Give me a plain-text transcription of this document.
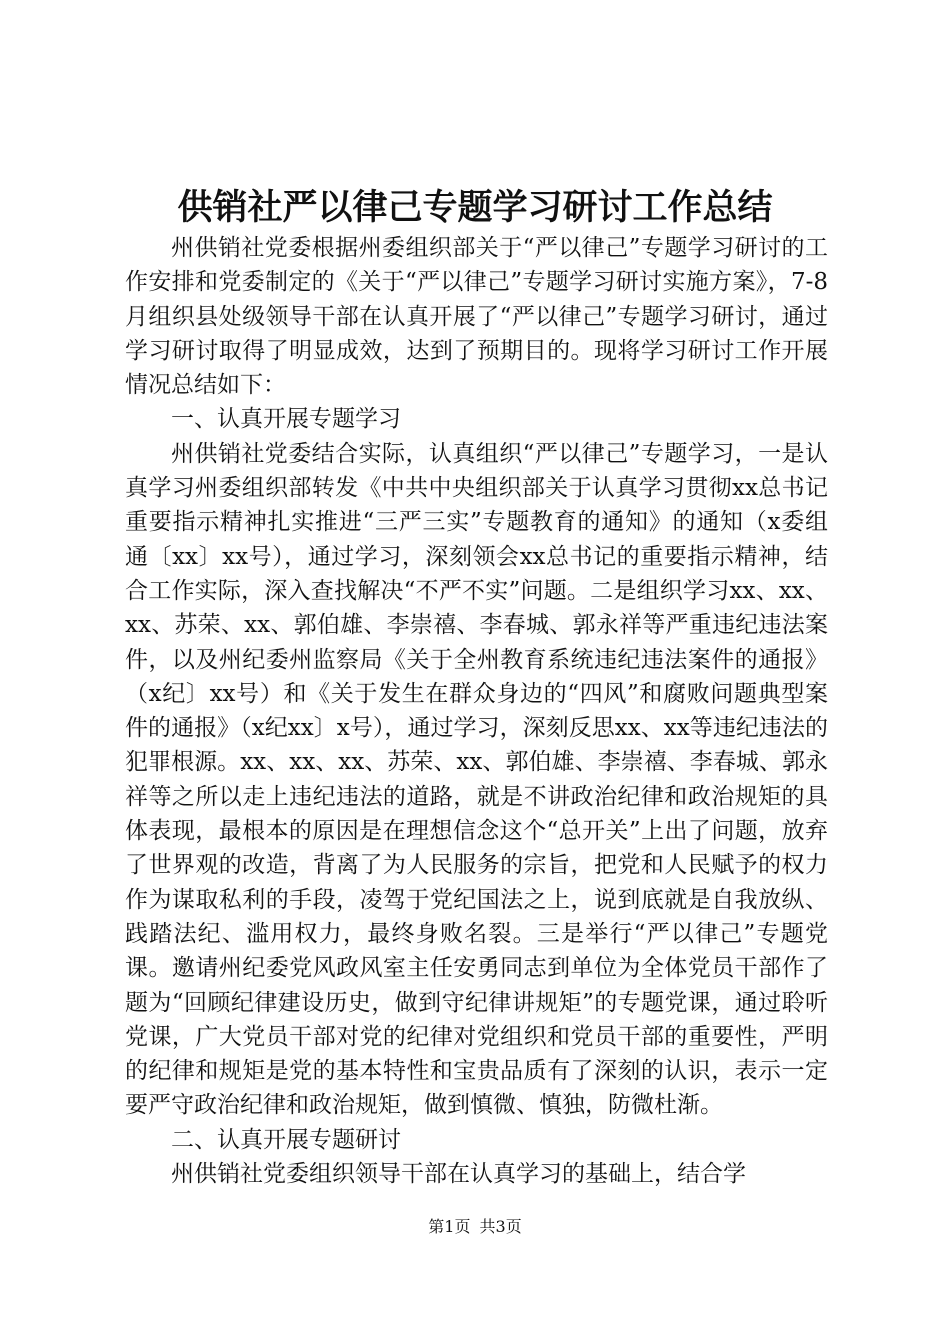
供销社严以律己专题学习研讨工作总结

州供销社党委根据州委组织部关于“严以律己”专题学习研讨的工作安排和党委制定的《关于“严以律己”专题学习研讨实施方案》，7-8月组织县处级领导干部在认真开展了“严以律己”专题学习研讨，通过学习研讨取得了明显成效，达到了预期目的。现将学习研讨工作开展情况总结如下：

一、认真开展专题学习

州供销社党委结合实际，认真组织“严以律己”专题学习，一是认真学习州委组织部转发《中共中央组织部关于认真学习贯彻xx总书记重要指示精神扎实推进“三严三实”专题教育的通知》的通知（x委组通〔xx〕xx号），通过学习，深刻领会xx总书记的重要指示精神，结合工作实际，深入查找解决“不严不实”问题。二是组织学习xx、xx、xx、苏荣、xx、郭伯雄、李崇禧、李春城、郭永祥等严重违纪违法案件，以及州纪委州监察局《关于全州教育系统违纪违法案件的通报》（x纪〕xx号）和《关于发生在群众身边的“四风”和腐败问题典型案件的通报》（x纪xx〕x号），通过学习，深刻反思xx、xx等违纪违法的犯罪根源。xx、xx、xx、苏荣、xx、郭伯雄、李崇禧、李春城、郭永祥等之所以走上违纪违法的道路，就是不讲政治纪律和政治规矩的具体表现，最根本的原因是在理想信念这个“总开关”上出了问题，放弃了世界观的改造，背离了为人民服务的宗旨，把党和人民赋予的权力作为谋取私利的手段，凌驾于党纪国法之上，说到底就是自我放纵、践踏法纪、滥用权力，最终身败名裂。三是举行“严以律己”专题党课。邀请州纪委党风政风室主任安勇同志到单位为全体党员干部作了题为“回顾纪律建设历史，做到守纪律讲规矩”的专题党课，通过聆听党课，广大党员干部对党的纪律对党组织和党员干部的重要性，严明的纪律和规矩是党的基本特性和宝贵品质有了深刻的认识，表示一定要严守政治纪律和政治规矩，做到慎微、慎独，防微杜渐。

二、认真开展专题研讨

州供销社党委组织领导干部在认真学习的基础上，结合学

第1页 共3页
